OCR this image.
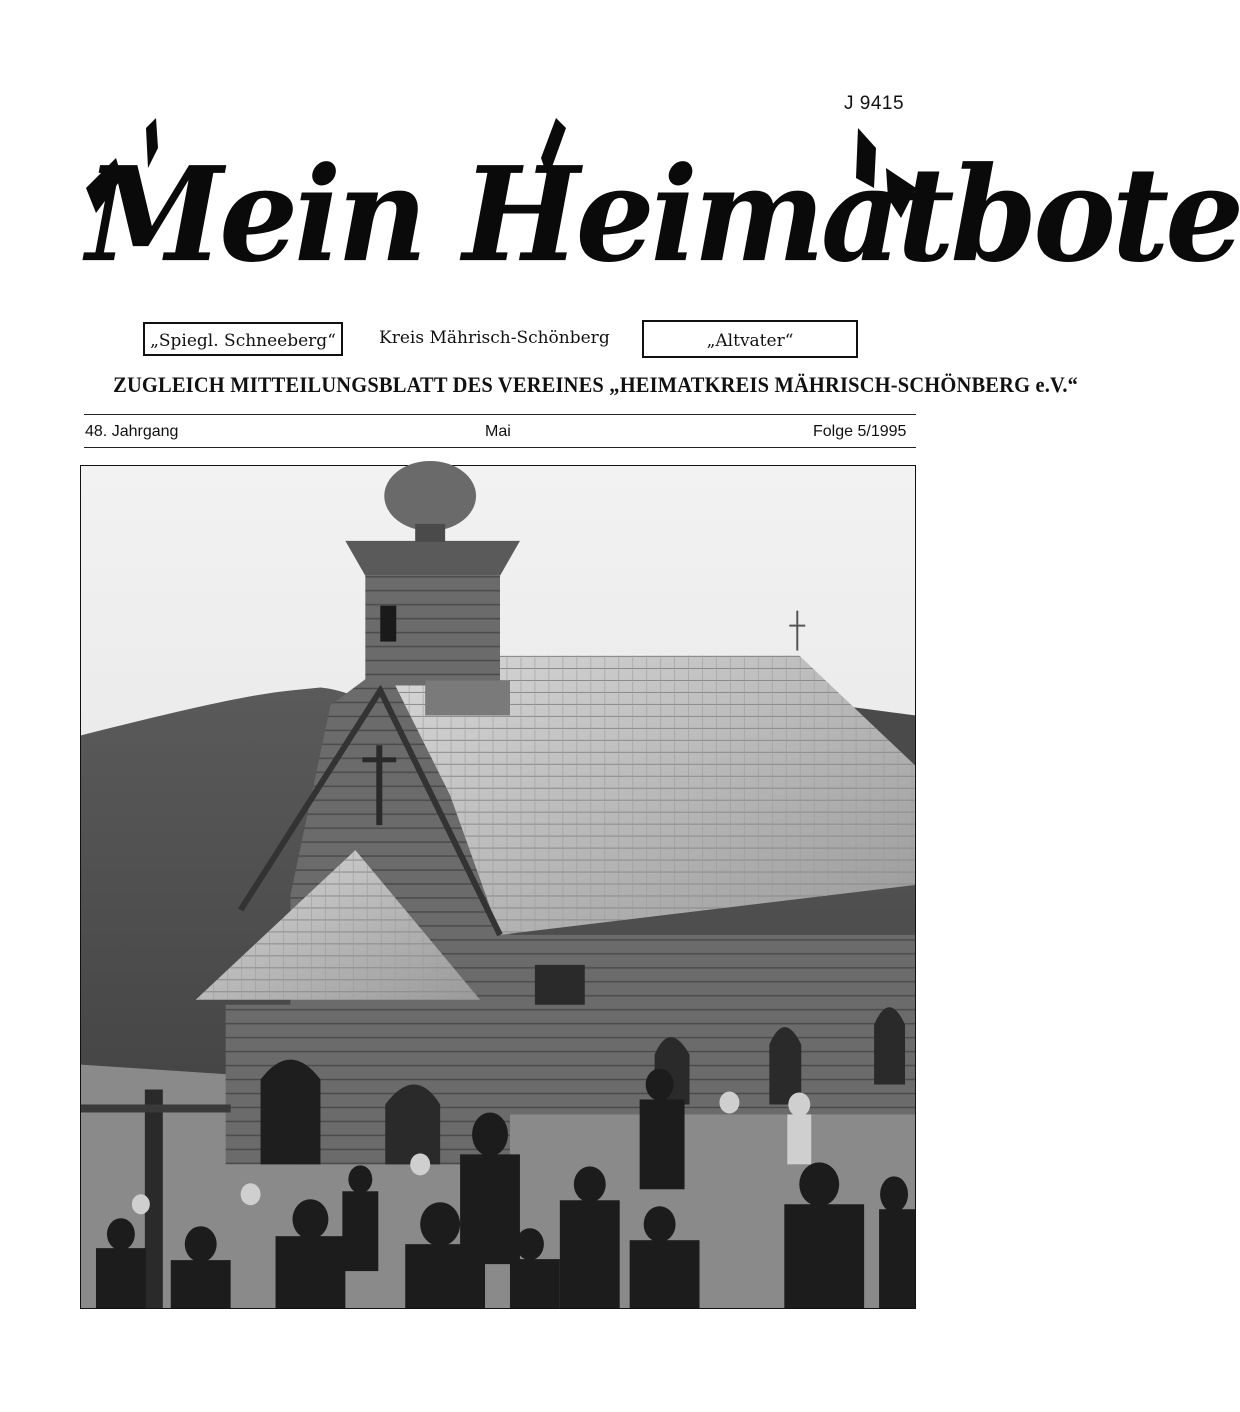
J 9415
Mein Heimatbote
„Spiegl. Schneeberg“	Kreis Mährisch-Schönberg	„Altvater“
ZUGLEICH MITTEILUNGSBLATT DES VEREINES „HEIMATKREIS MÄHRISCH-SCHÖNBERG e.V.“
48. Jahrgang	Mai	Folge 5/1995
